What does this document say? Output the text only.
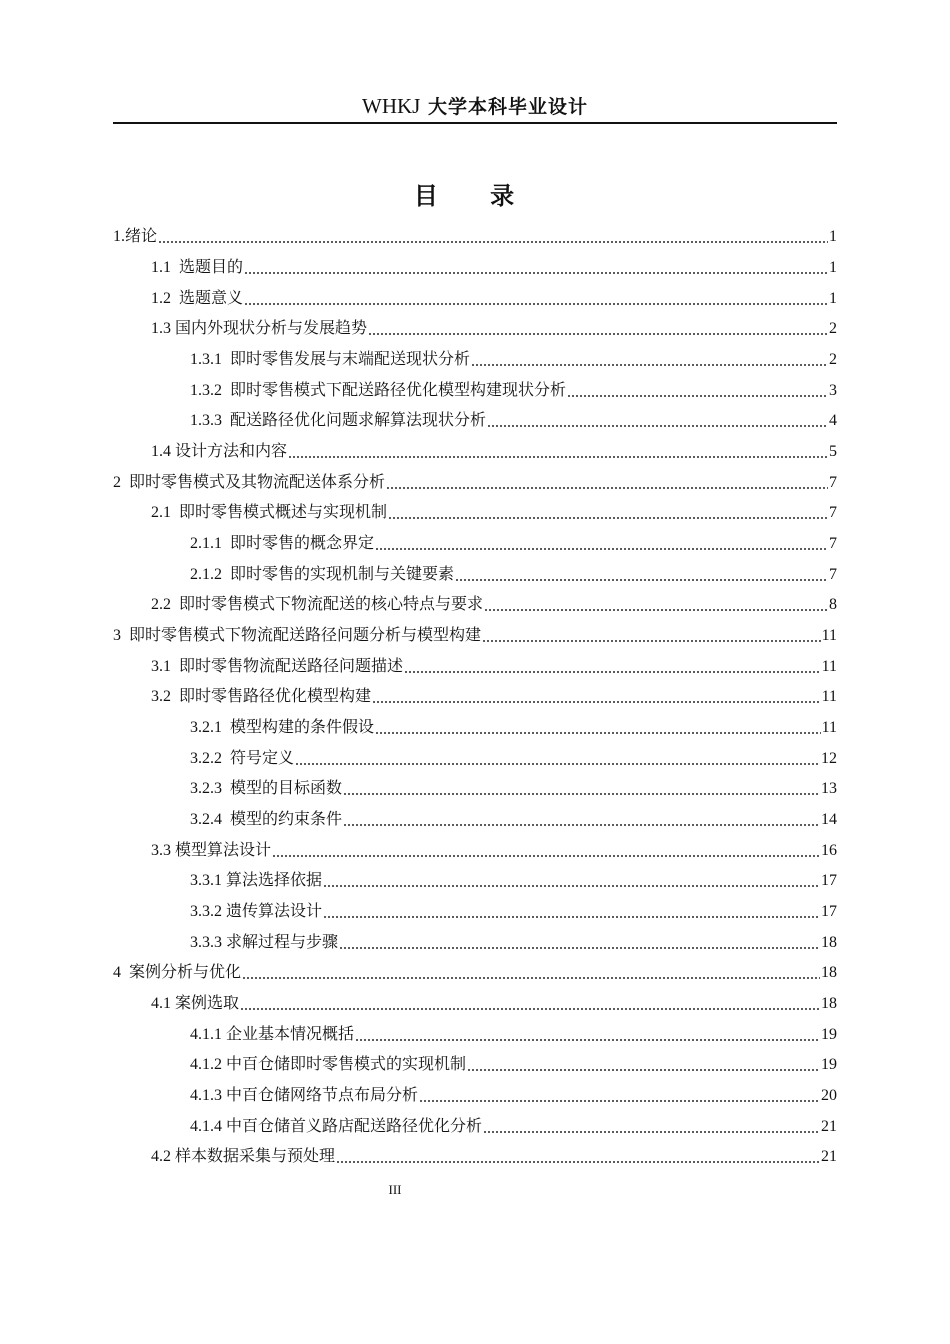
WHKJ 大学本科毕业设计
目 录
1.绪论	1
1.1  选题目的	1
1.2  选题意义	1
1.3 国内外现状分析与发展趋势	2
1.3.1  即时零售发展与末端配送现状分析	2
1.3.2  即时零售模式下配送路径优化模型构建现状分析	3
1.3.3  配送路径优化问题求解算法现状分析	4
1.4 设计方法和内容	5
2  即时零售模式及其物流配送体系分析	7
2.1  即时零售模式概述与实现机制	7
2.1.1  即时零售的概念界定	7
2.1.2  即时零售的实现机制与关键要素	7
2.2  即时零售模式下物流配送的核心特点与要求	8
3  即时零售模式下物流配送路径问题分析与模型构建	11
3.1  即时零售物流配送路径问题描述	11
3.2  即时零售路径优化模型构建	11
3.2.1  模型构建的条件假设	11
3.2.2  符号定义	12
3.2.3  模型的目标函数	13
3.2.4  模型的约束条件	14
3.3 模型算法设计	16
3.3.1 算法选择依据	17
3.3.2 遗传算法设计	17
3.3.3 求解过程与步骤	18
4  案例分析与优化	18
4.1 案例选取	18
4.1.1 企业基本情况概括	19
4.1.2 中百仓储即时零售模式的实现机制	19
4.1.3 中百仓储网络节点布局分析	20
4.1.4 中百仓储首义路店配送路径优化分析	21
4.2 样本数据采集与预处理	21
III
